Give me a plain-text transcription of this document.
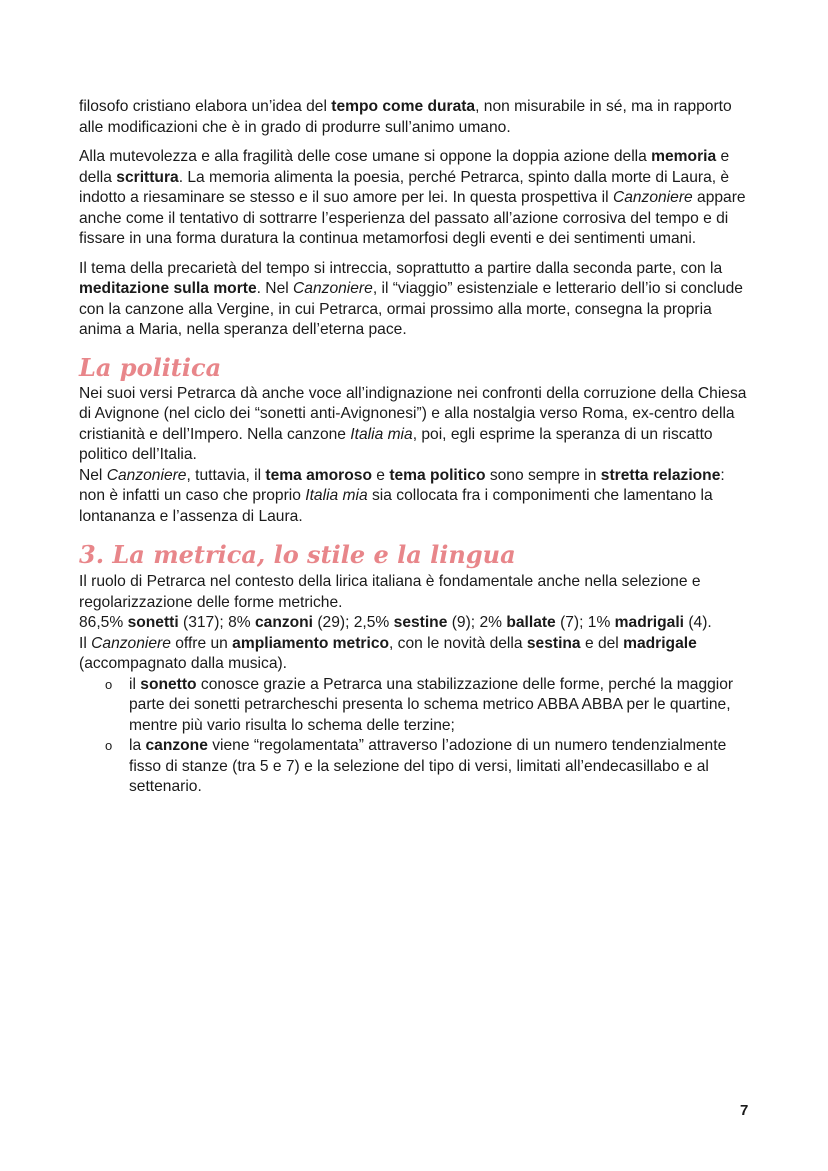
filosofo cristiano elabora un’idea del tempo come durata, non misurabile in sé, ma in rapporto alle modificazioni che è in grado di produrre sull’animo umano.

Alla mutevolezza e alla fragilità delle cose umane si oppone la doppia azione della memoria e della scrittura. La memoria alimenta la poesia, perché Petrarca, spinto dalla morte di Laura, è indotto a riesaminare se stesso e il suo amore per lei. In questa prospettiva il Canzoniere appare anche come il tentativo di sottrarre l’esperienza del passato all’azione corrosiva del tempo e di fissare in una forma duratura la continua metamorfosi degli eventi e dei sentimenti umani.

Il tema della precarietà del tempo si intreccia, soprattutto a partire dalla seconda parte, con la meditazione sulla morte. Nel Canzoniere, il “viaggio” esistenziale e letterario dell’io si conclude con la canzone alla Vergine, in cui Petrarca, ormai prossimo alla morte, consegna la propria anima a Maria, nella speranza dell’eterna pace.

La politica

Nei suoi versi Petrarca dà anche voce all’indignazione nei confronti della corruzione della Chiesa di Avignone (nel ciclo dei “sonetti anti-Avignonesi”) e alla nostalgia verso Roma, ex-centro della cristianità e dell’Impero. Nella canzone Italia mia, poi, egli esprime la speranza di un riscatto politico dell’Italia.

Nel Canzoniere, tuttavia, il tema amoroso e tema politico sono sempre in stretta relazione: non è infatti un caso che proprio Italia mia sia collocata fra i componimenti che lamentano la lontananza e l’assenza di Laura.

3. La metrica, lo stile e la lingua

Il ruolo di Petrarca nel contesto della lirica italiana è fondamentale anche nella selezione e regolarizzazione delle forme metriche.

86,5% sonetti (317); 8% canzoni (29); 2,5% sestine (9); 2% ballate (7); 1% madrigali (4).

Il Canzoniere offre un ampliamento metrico, con le novità della sestina e del madrigale (accompagnato dalla musica).

o il sonetto conosce grazie a Petrarca una stabilizzazione delle forme, perché la maggior parte dei sonetti petrarcheschi presenta lo schema metrico ABBA ABBA per le quartine, mentre più vario risulta lo schema delle terzine;
o la canzone viene “regolamentata” attraverso l’adozione di un numero tendenzialmente fisso di stanze (tra 5 e 7) e la selezione del tipo di versi, limitati all’endecasillabo e al settenario.
7
